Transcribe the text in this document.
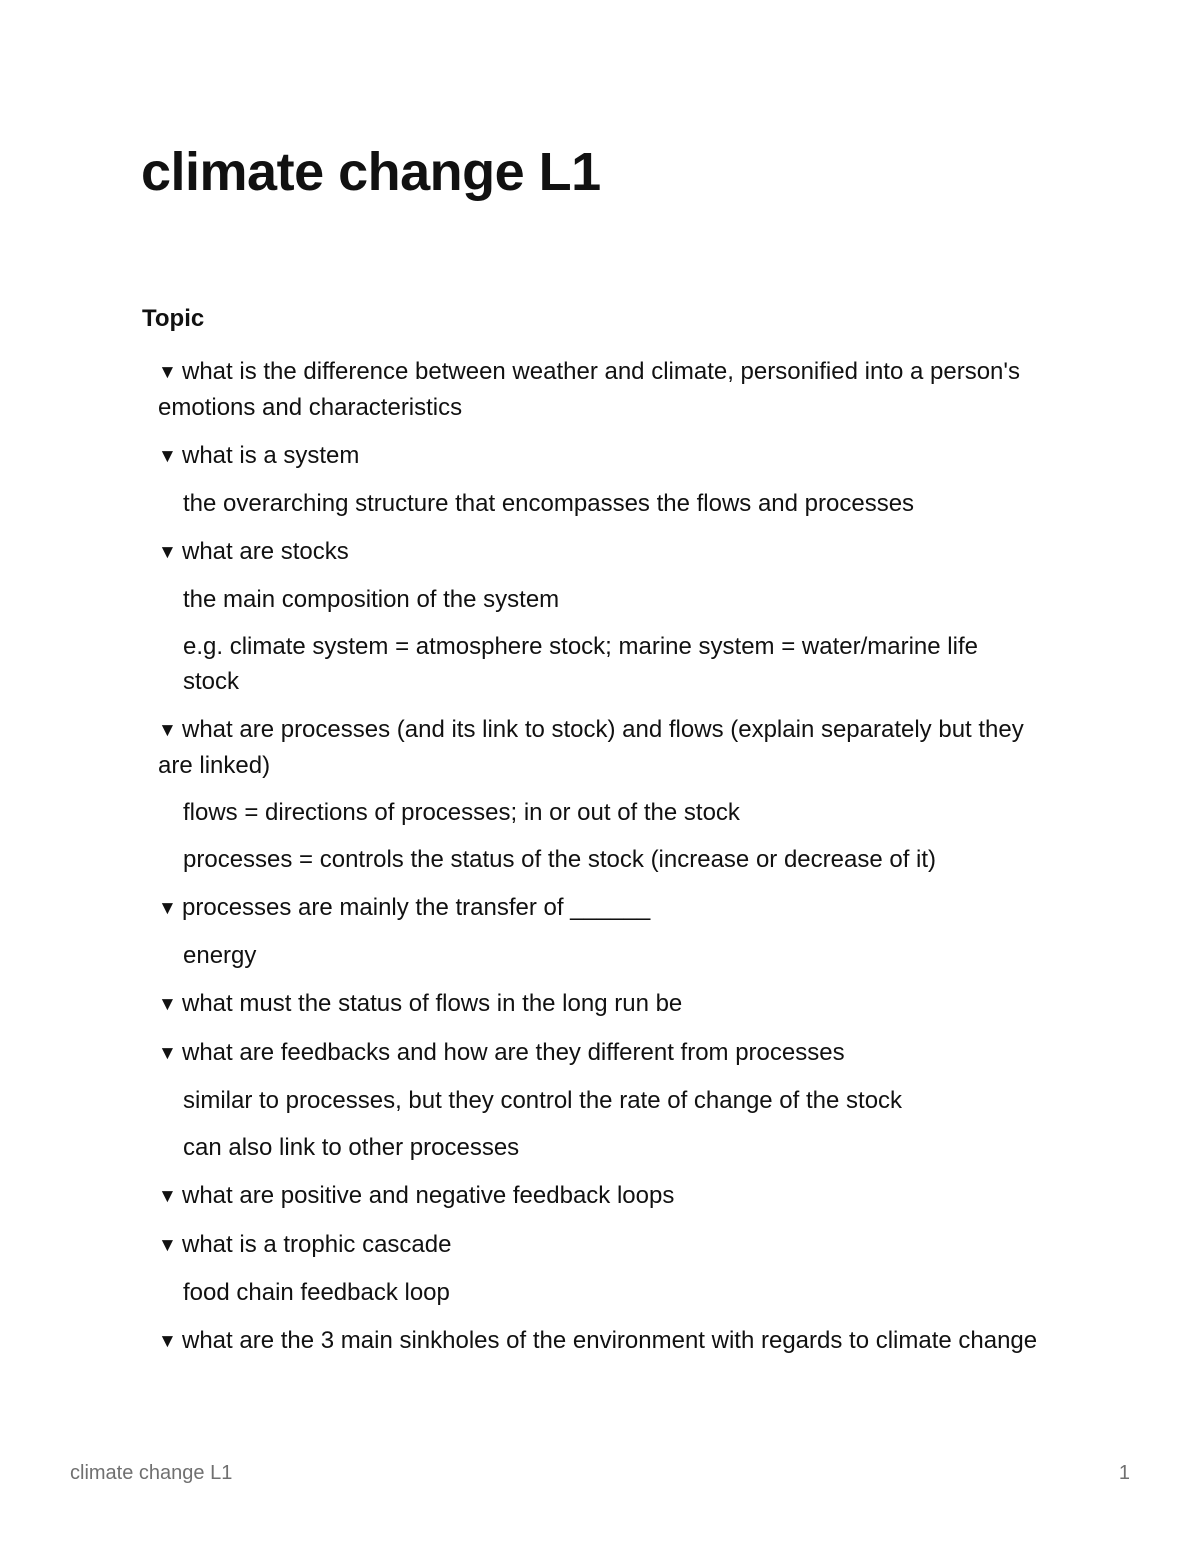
climate change L1
Topic
▼ what is the difference between weather and climate, personified into a person's emotions and characteristics
▼ what is a system
the overarching structure that encompasses the flows and processes
▼ what are stocks
the main composition of the system
e.g. climate system = atmosphere stock; marine system = water/marine life stock
▼ what are processes (and its link to stock) and flows (explain separately but they are linked)
flows = directions of processes; in or out of the stock
processes = controls the status of the stock (increase or decrease of it)
▼ processes are mainly the transfer of ______
energy
▼ what must the status of flows in the long run be
▼ what are feedbacks and how are they different from processes
similar to processes, but they control the rate of change of the stock
can also link to other processes
▼ what are positive and negative feedback loops
▼ what is a trophic cascade
food chain feedback loop
▼ what are the 3 main sinkholes of the environment with regards to climate change
climate change L1	1
